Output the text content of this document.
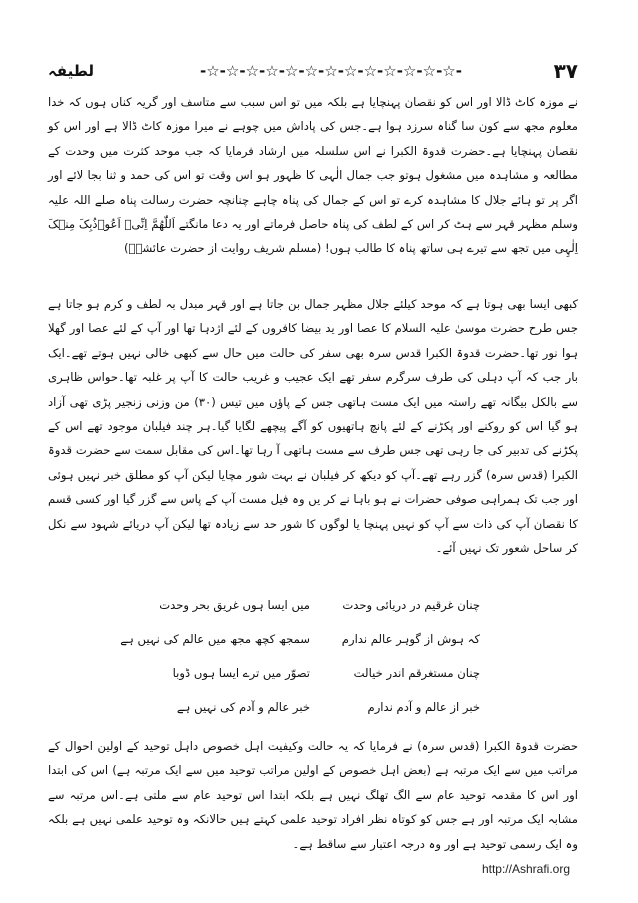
لطیفہ	-☆-☆-☆-☆-☆-☆-☆-☆-☆-☆-☆-☆-☆-	۳۷

نے موزہ کاٹ ڈالا اور اس کو نقصان پہنچایا ہے بلکہ میں تو اس سبب سے متاسف اور گریہ کناں ہوں کہ خدا معلوم مجھ سے کون سا گناہ سرزد ہوا ہے۔جس کی پاداش میں چوہے نے میرا موزہ کاٹ ڈالا ہے اور اس کو نقصان پہنچایا ہے۔حضرت قدوۃ الکبرا نے اس سلسلہ میں ارشاد فرمایا کہ جب موحد کثرت میں وحدت کے مطالعہ و مشاہدہ میں مشغول ہوتو جب جمال الٰہی کا ظہور ہو اس وقت تو اس کی حمد و ثنا بجا لائے اور اگر پر تو ہائے جلال کا مشاہدہ کرے تو اس کے جمال کی پناہ چاہے چنانچہ حضرت رسالت پناہ صلے اللہ علیہ وسلم مظہر قہر سے ہٹ کر اس کے لطف کی پناہ حاصل فرماتے اور یہ دعا مانگتے اَللّٰھُمَّ اِنِّیۡ اَعُوۡذُبِکَ مِنۡکَ اِلٰہِی میں تجھ سے تیرے ہی ساتھ پناہ کا طالب ہوں! (مسلم شریف روایت از حضرت عائشہؓ)

کبھی ایسا بھی ہوتا ہے کہ موحد کیلئے جلال مظہر جمال بن جاتا ہے اور قہر مبدل بہ لطف و کرم ہو جاتا ہے جس طرح حضرت موسیٰ علیہ السلام کا عصا اور ید بیضا کافروں کے لئے اژدہا تھا اور آپ کے لئے عصا اور گھلا ہوا نور تھا۔حضرت قدوۃ الکبرا قدس سرہ بھی سفر کی حالت میں حال سے کبھی خالی نہیں ہوتے تھے۔ایک بار جب کہ آپ دہلی کی طرف سرگرم سفر تھے ایک عجیب و غریب حالت کا آپ پر غلبہ تھا۔حواس ظاہری سے بالکل بیگانہ تھے راستہ میں ایک مست ہاتھی جس کے پاؤں میں تیس (۳۰) من وزنی زنجیر پڑی تھی آزاد ہو گیا اس کو روکنے اور پکڑنے کے لئے پانچ ہاتھیوں کو آگے پیچھے لگایا گیا۔ہر چند فیلبان موجود تھے اس کے پکڑنے کی تدبیر کی جا رہی تھی جس طرف سے مست ہاتھی آ رہا تھا۔اس کی مقابل سمت سے حضرت قدوۃ الکبرا (قدس سرہ) گزر رہے تھے۔آپ کو دیکھ کر فیلبان نے بہت شور مچایا لیکن آپ کو مطلق خبر نہیں ہوئی اور جب تک ہمراہی صوفی حضرات نے ہو باہا نے کر یں وہ فیل مست آپ کے پاس سے گزر گیا اور کسی قسم کا نقصان آپ کی ذات سے آپ کو نہیں پہنچا یا لوگوں کا شور حد سے زیادہ تھا لیکن آپ دریائے شہود سے نکل کر ساحل شعور تک نہیں آئے۔

چنان غرقیم در دریائی وحدت
میں ایسا ہوں غریق بحر وحدت
کہ ہوش از گوہر عالم ندارم
سمجھ کچھ مجھ میں عالم کی نہیں ہے
چنان مستغرقم اندر خیالت
تصوّر میں ترے ایسا ہوں ڈوبا
خبر از عالم و آدم ندارم
خبر عالم و آدم کی نہیں ہے

حضرت قدوۃ الکبرا (قدس سرہ) نے فرمایا کہ یہ حالت وکیفیت اہل خصوص داہل توحید کے اولین احوال کے مراتب میں سے ایک مرتبہ ہے (بعض اہل خصوص کے اولین مراتب توحید میں سے ایک مرتبہ ہے) اس کی ابتدا اور اس کا مقدمہ توحید عام سے الگ تھلگ نہیں ہے بلکہ ابتدا اس توحید عام سے ملتی ہے۔اس مرتبہ سے مشابہ ایک مرتبہ اور ہے جس کو کوتاہ نظر افراد توحید علمی کہتے ہیں حالانکہ وہ توحید علمی نہیں ہے بلکہ وہ ایک رسمی توحید ہے اور وہ درجہ اعتبار سے ساقط ہے۔

http://Ashrafi.org
